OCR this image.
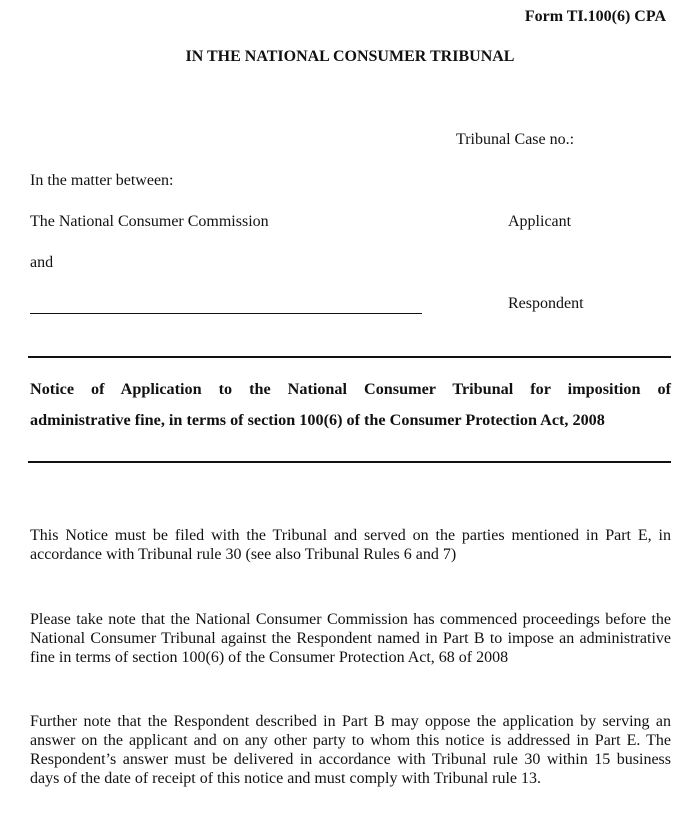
Form TI.100(6) CPA
IN THE NATIONAL CONSUMER TRIBUNAL
Tribunal Case no.:
In the matter between:
The National Consumer Commission	Applicant
and
Respondent
Notice of Application to the National Consumer Tribunal for imposition of
administrative fine, in terms of section 100(6) of the Consumer Protection Act, 2008
This Notice must be filed with the Tribunal and served on the parties mentioned in Part E, in accordance with Tribunal rule 30 (see also Tribunal Rules 6 and 7)
Please take note that the National Consumer Commission has commenced proceedings before the National Consumer Tribunal against the Respondent named in Part B to impose an administrative fine in terms of section 100(6) of the Consumer Protection Act, 68 of 2008
Further note that the Respondent described in Part B may oppose the application by serving an answer on the applicant and on any other party to whom this notice is addressed in Part E. The Respondent’s answer must be delivered in accordance with Tribunal rule 30 within 15 business days of the date of receipt of this notice and must comply with Tribunal rule 13.
